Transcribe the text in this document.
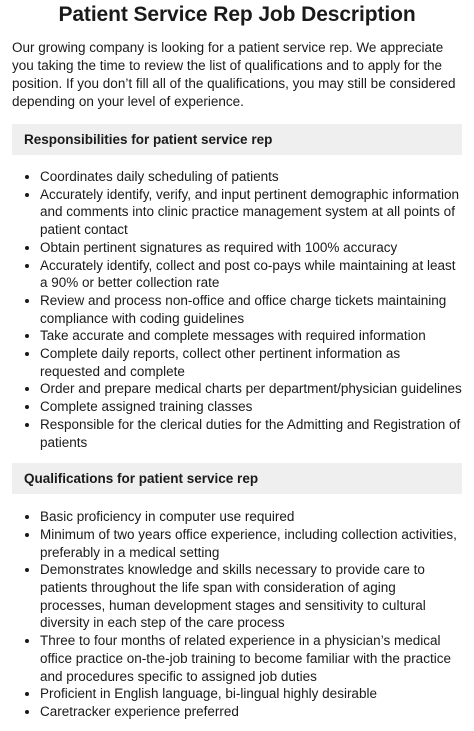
Patient Service Rep Job Description

Our growing company is looking for a patient service rep. We appreciate you taking the time to review the list of qualifications and to apply for the position. If you don’t fill all of the qualifications, you may still be considered depending on your level of experience.

Responsibilities for patient service rep
• Coordinates daily scheduling of patients
• Accurately identify, verify, and input pertinent demographic information and comments into clinic practice management system at all points of patient contact
• Obtain pertinent signatures as required with 100% accuracy
• Accurately identify, collect and post co-pays while maintaining at least a 90% or better collection rate
• Review and process non-office and office charge tickets maintaining compliance with coding guidelines
• Take accurate and complete messages with required information
• Complete daily reports, collect other pertinent information as requested and complete
• Order and prepare medical charts per department/physician guidelines
• Complete assigned training classes
• Responsible for the clerical duties for the Admitting and Registration of patients
Qualifications for patient service rep
• Basic proficiency in computer use required
• Minimum of two years office experience, including collection activities, preferably in a medical setting
• Demonstrates knowledge and skills necessary to provide care to patients throughout the life span with consideration of aging processes, human development stages and sensitivity to cultural diversity in each step of the care process
• Three to four months of related experience in a physician’s medical office practice on-the-job training to become familiar with the practice and procedures specific to assigned job duties
• Proficient in English language, bi-lingual highly desirable
• Caretracker experience preferred
